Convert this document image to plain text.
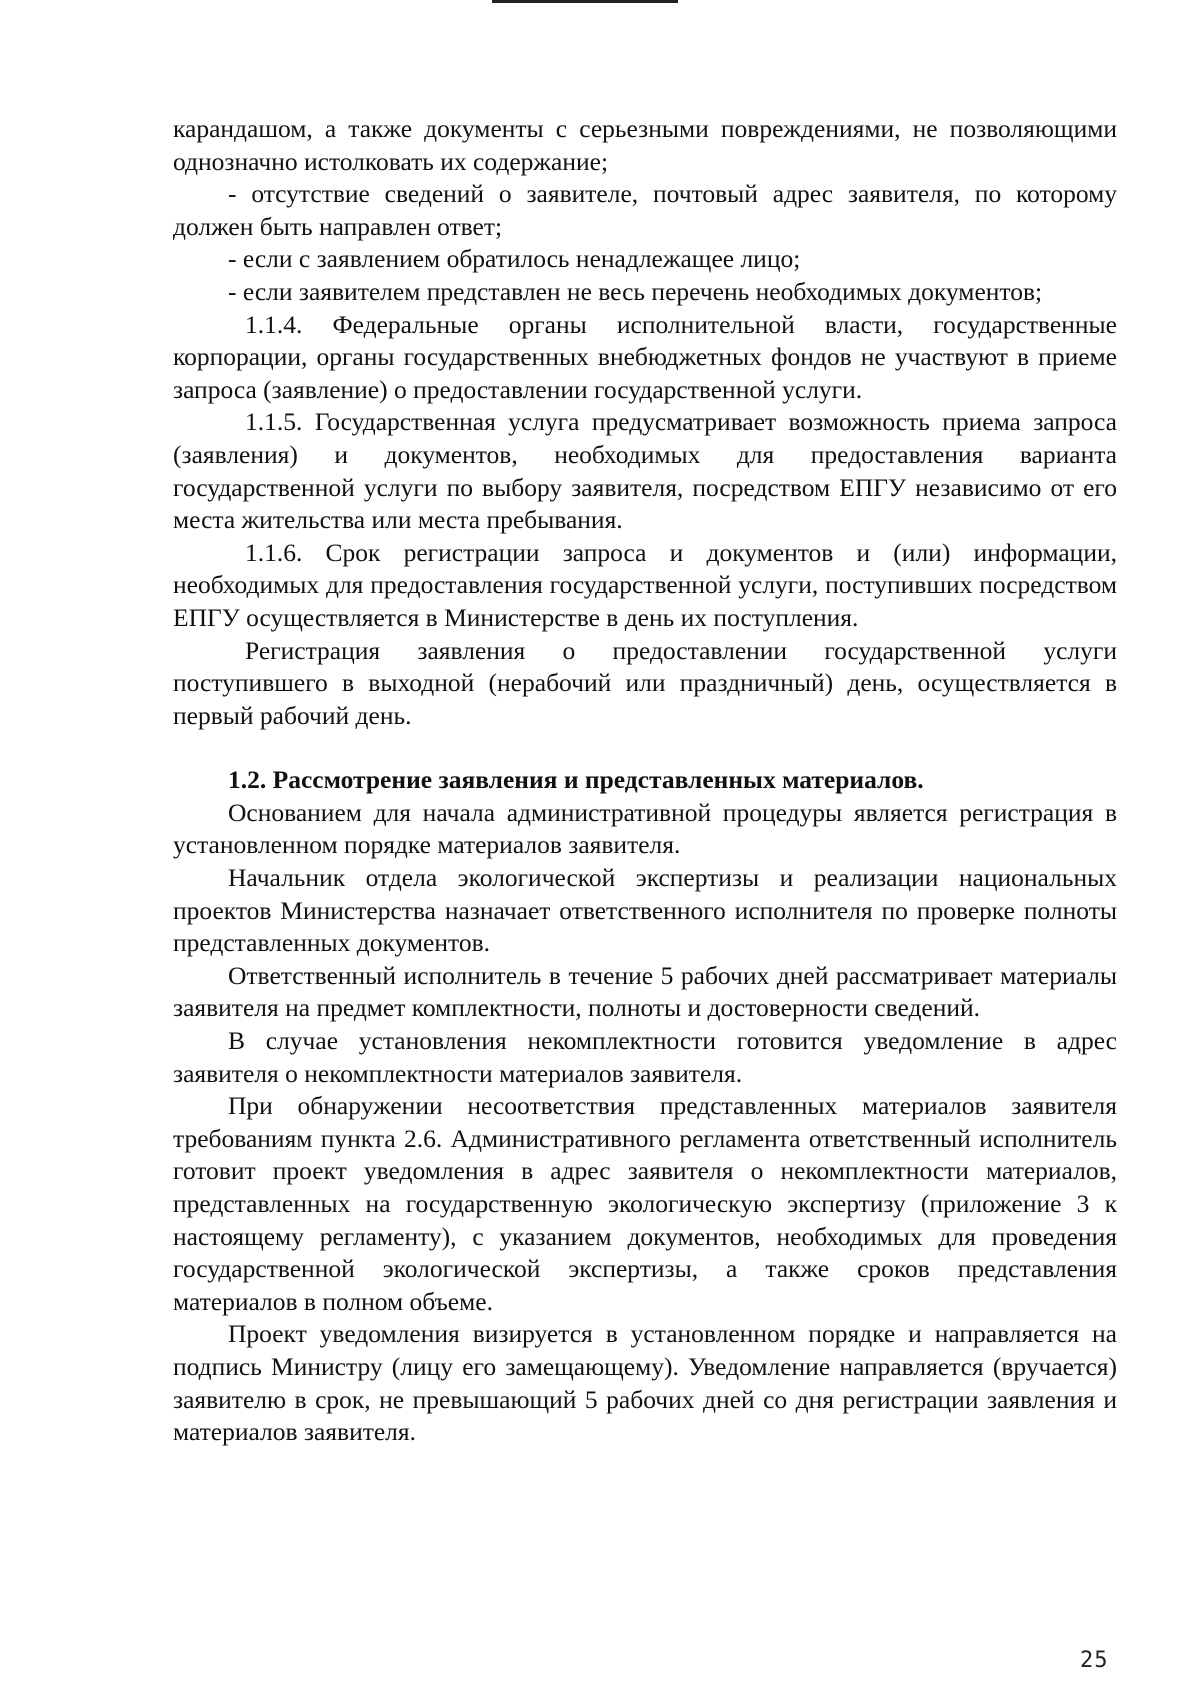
карандашом, а также документы с серьезными повреждениями, не позволяющими однозначно истолковать их содержание;

- отсутствие сведений о заявителе, почтовый адрес заявителя, по которому должен быть направлен ответ;

- если с заявлением обратилось ненадлежащее лицо;

- если заявителем представлен не весь перечень необходимых документов;

1.1.4. Федеральные органы исполнительной власти, государственные корпорации, органы государственных внебюджетных фондов не участвуют в приеме запроса (заявление) о предоставлении государственной услуги.

1.1.5. Государственная услуга предусматривает возможность приема запроса (заявления) и документов, необходимых для предоставления варианта государственной услуги по выбору заявителя, посредством ЕПГУ независимо от его места жительства или места пребывания.

1.1.6. Срок регистрации запроса и документов и (или) информации, необходимых для предоставления государственной услуги, поступивших посредством ЕПГУ осуществляется в Министерстве в день их поступления.

Регистрация заявления о предоставлении государственной услуги поступившего в выходной (нерабочий или праздничный) день, осуществляется в первый рабочий день.

1.2. Рассмотрение заявления и представленных материалов.

Основанием для начала административной процедуры является регистрация в установленном порядке материалов заявителя.

Начальник отдела экологической экспертизы и реализации национальных проектов Министерства назначает ответственного исполнителя по проверке полноты представленных документов.

Ответственный исполнитель в течение 5 рабочих дней рассматривает материалы заявителя на предмет комплектности, полноты и достоверности сведений.

В случае установления некомплектности готовится уведомление в адрес заявителя о некомплектности материалов заявителя.

При обнаружении несоответствия представленных материалов заявителя требованиям пункта 2.6. Административного регламента ответственный исполнитель готовит проект уведомления в адрес заявителя о некомплектности материалов, представленных на государственную экологическую экспертизу (приложение 3 к настоящему регламенту), с указанием документов, необходимых для проведения государственной экологической экспертизы, а также сроков представления материалов в полном объеме.

Проект уведомления визируется в установленном порядке и направляется на подпись Министру (лицу его замещающему). Уведомление направляется (вручается) заявителю в срок, не превышающий 5 рабочих дней со дня регистрации заявления и материалов заявителя.

25
